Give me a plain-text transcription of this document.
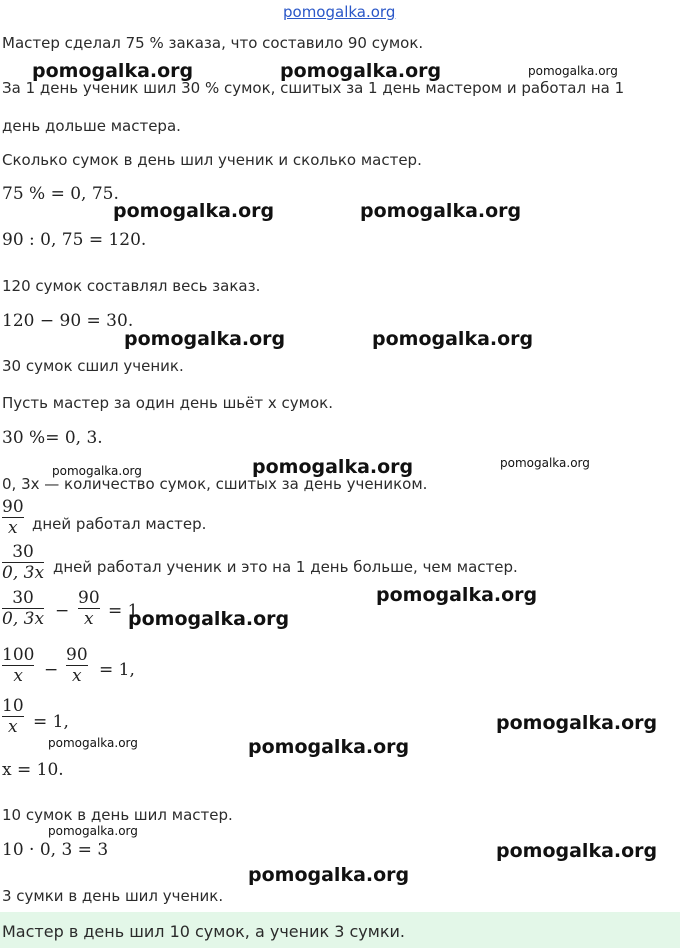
pomogalka.org
Мастер сделал 75 % заказа, что составило 90 сумок.
За 1 день ученик шил 30 % сумок, сшитых за 1 день мастером и работал на 1
день дольше мастера.
Сколько сумок в день шил ученик и сколько мастер.
75 % = 0, 75.
90 : 0, 75 = 120.
120 сумок составлял весь заказ.
120 − 90 = 30.
30 сумок сшил ученик.
Пусть мастер за один день шьёт x сумок.
30 %= 0, 3.
0, 3x — количество сумок, сшитых за день учеником.
90
x дней работал мастер.
30
0, 3x дней работал ученик и это на 1 день больше, чем мастер.
30
0, 3x −
90
x = 1
100
x −
90
x = 1,
10
x = 1,
x = 10.
10 сумок в день шил мастер.
10 · 0, 3 = 3
3 сумки в день шил ученик.
Мастер в день шил 10 сумок, а ученик 3 сумки.
pomogalka.org	pomogalka.org	pomogalka.org
pomogalka.org	pomogalka.org
pomogalka.org	pomogalka.org
pomogalka.org	pomogalka.org	pomogalka.org
pomogalka.org
pomogalka.org
pomogalka.org
pomogalka.org	pomogalka.org
pomogalka.org
pomogalka.org
pomogalka.org
